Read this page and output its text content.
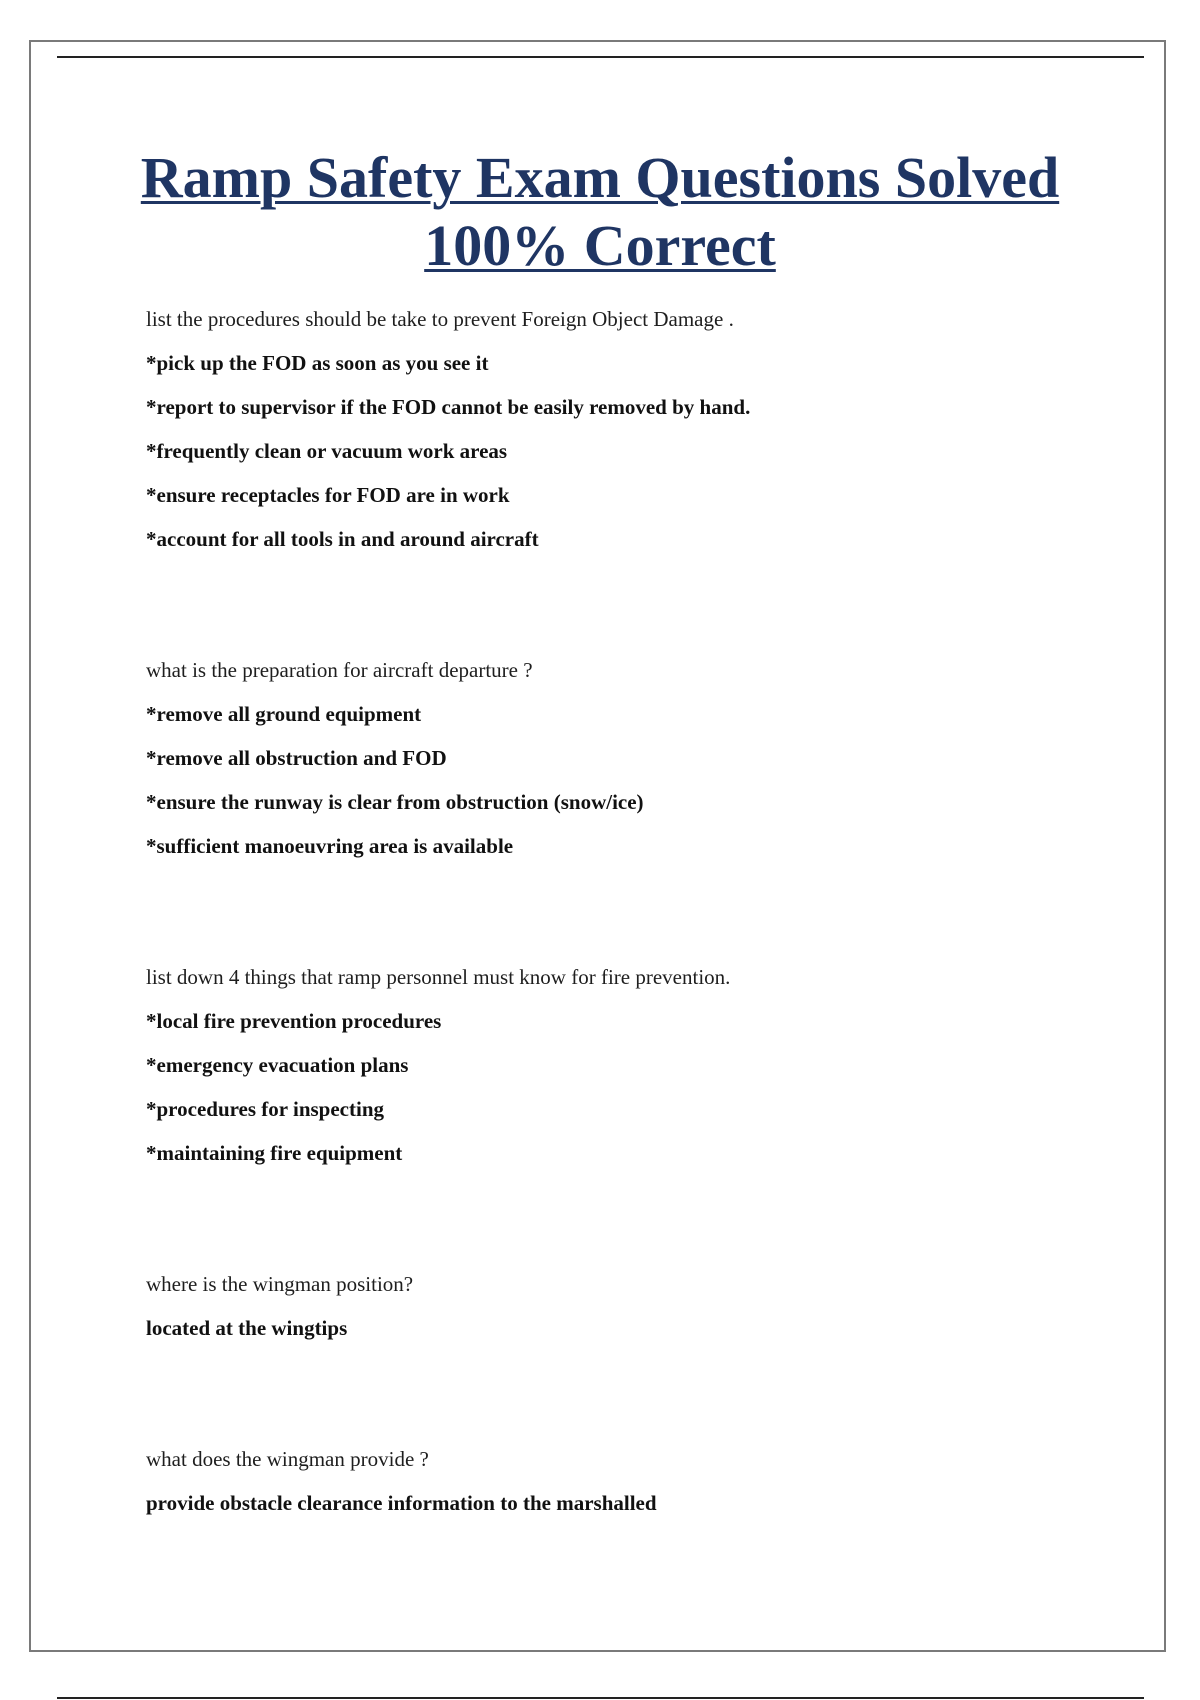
Ramp Safety Exam Questions Solved 100% Correct
list the procedures should be take to prevent Foreign Object Damage .
*pick up the FOD as soon as you see it
*report to supervisor if the FOD cannot be easily removed by hand.
*frequently clean or vacuum work areas
*ensure receptacles for FOD are in work
*account for all tools in and around aircraft
what is the preparation for aircraft departure ?
*remove all ground equipment
*remove all obstruction and FOD
*ensure the runway is clear from obstruction (snow/ice)
*sufficient manoeuvring area is available
list down 4 things that ramp personnel must know for fire prevention.
*local fire prevention procedures
*emergency evacuation plans
*procedures for inspecting
*maintaining fire equipment
where is the wingman position?
located at the wingtips
what does the wingman provide ?
provide obstacle clearance information to the marshalled
